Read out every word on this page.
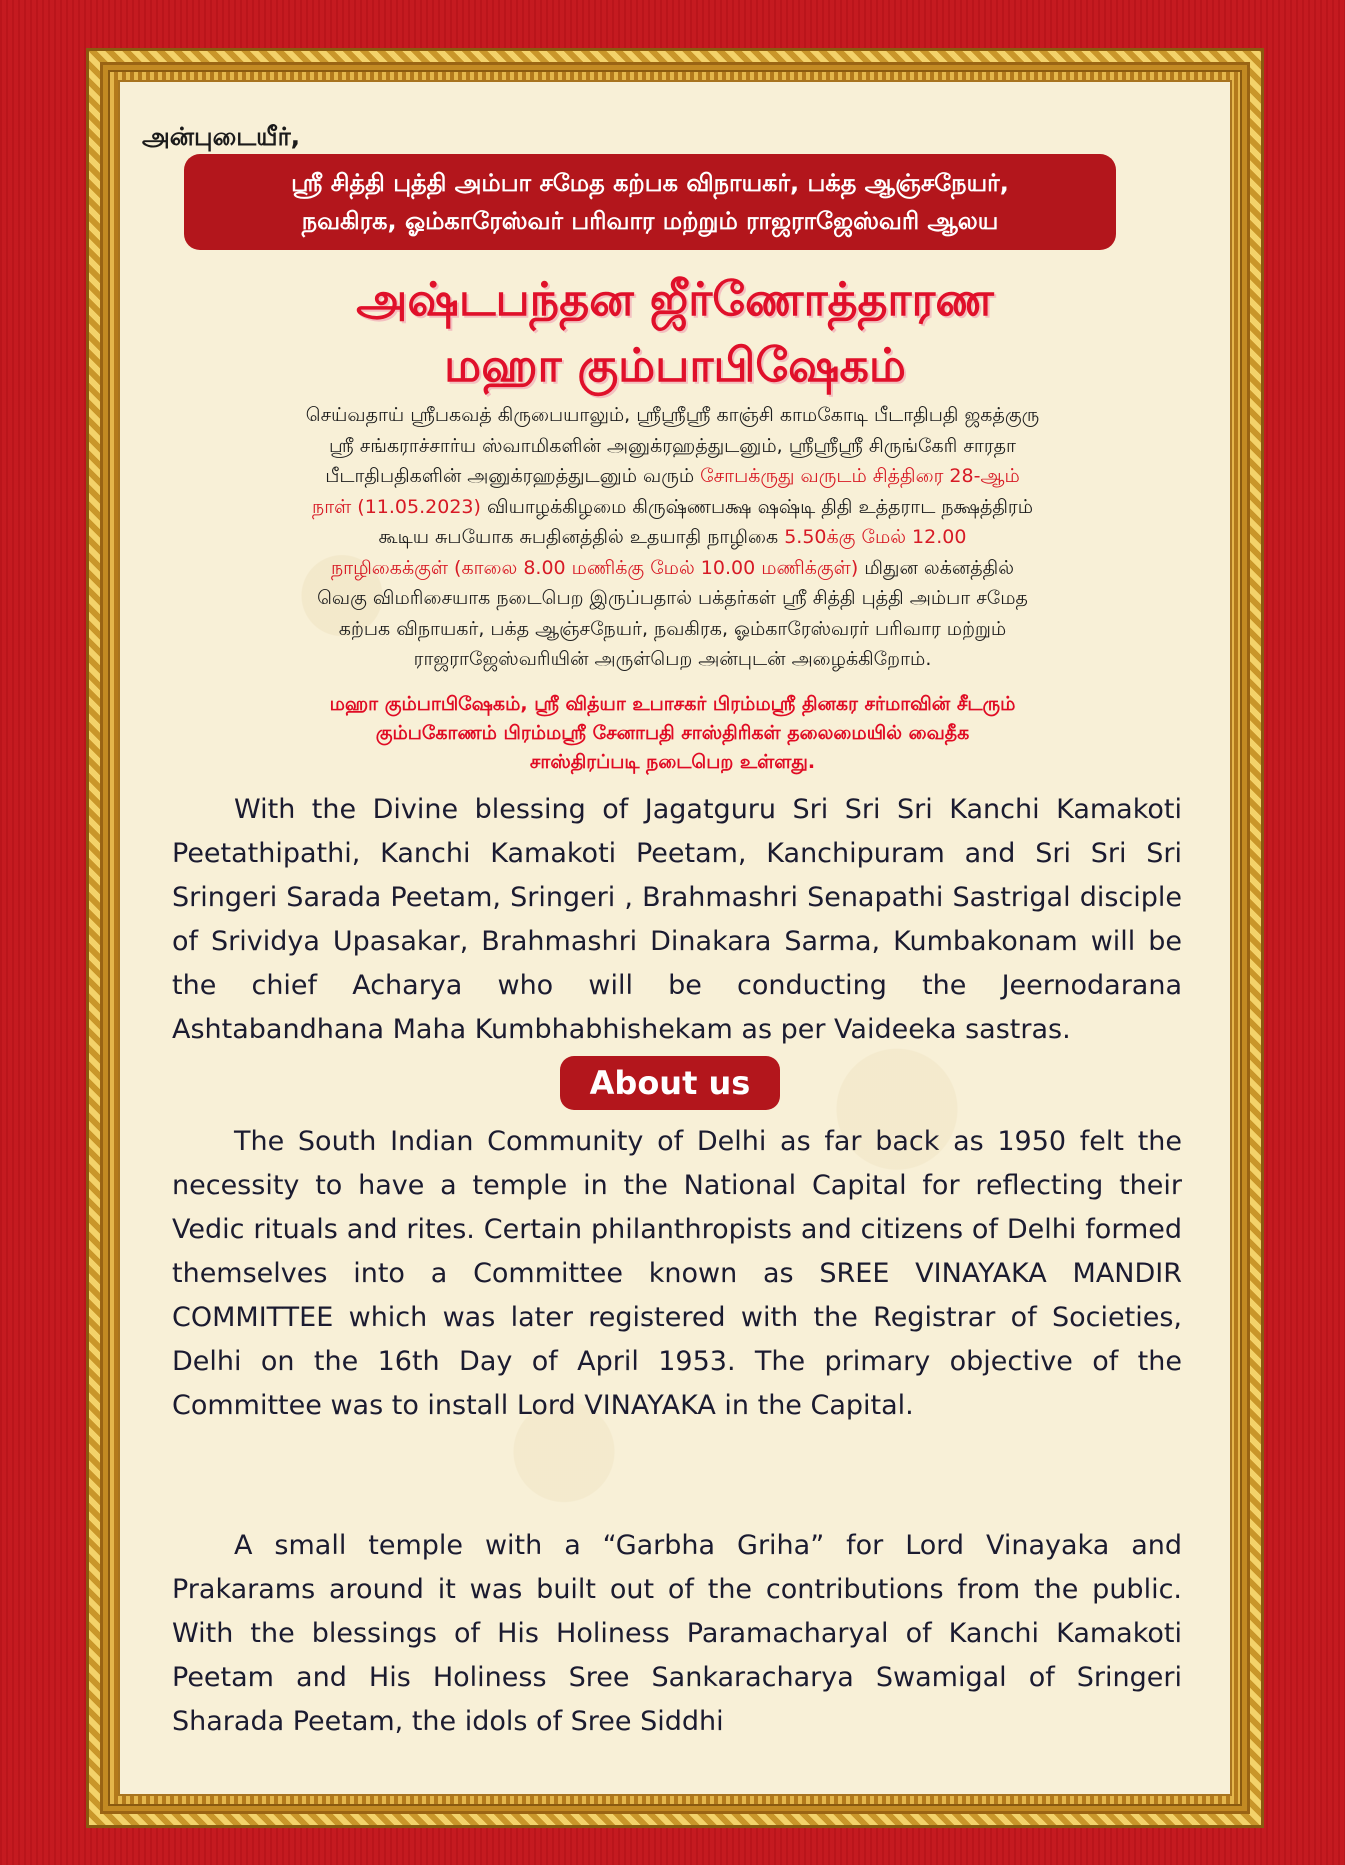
அன்புடையீர்,
ஸ்ரீ சித்தி புத்தி அம்பா சமேத கற்பக விநாயகர், பக்த ஆஞ்சநேயர்,
நவகிரக, ஓம்காரேஸ்வர் பரிவார மற்றும் ராஜராஜேஸ்வரி ஆலய
அஷ்டபந்தன ஜீர்ணோத்தாரண
மஹா கும்பாபிஷேகம்
செய்வதாய் ஸ்ரீபகவத் கிருபையாலும், ஸ்ரீஸ்ரீஸ்ரீ காஞ்சி காமகோடி பீடாதிபதி ஜகத்குரு
ஸ்ரீ சங்கராச்சார்ய ஸ்வாமிகளின் அனுக்ரஹத்துடனும், ஸ்ரீஸ்ரீஸ்ரீ சிருங்கேரி சாரதா
பீடாதிபதிகளின் அனுக்ரஹத்துடனும் வரும் சோபக்ருது வருடம் சித்திரை 28-ஆம்
நாள் (11.05.2023) வியாழக்கிழமை கிருஷ்ணபக்ஷ ஷஷ்டி திதி உத்தராட நக்ஷத்திரம்
கூடிய சுபயோக சுபதினத்தில் உதயாதி நாழிகை 5.50க்கு மேல் 12.00
நாழிகைக்குள் (காலை 8.00 மணிக்கு மேல் 10.00 மணிக்குள்) மிதுன லக்னத்தில்
வெகு விமரிசையாக நடைபெற இருப்பதால் பக்தர்கள் ஸ்ரீ சித்தி புத்தி அம்பா சமேத
கற்பக விநாயகர், பக்த ஆஞ்சநேயர், நவகிரக, ஓம்காரேஸ்வரர் பரிவார மற்றும்
ராஜராஜேஸ்வரியின் அருள்பெற அன்புடன் அழைக்கிறோம்.
மஹா கும்பாபிஷேகம், ஸ்ரீ வித்யா உபாசகர் பிரம்மஸ்ரீ தினகர சர்மாவின் சீடரும்
கும்பகோணம் பிரம்மஸ்ரீ சேனாபதி சாஸ்திரிகள் தலைமையில் வைதீக
சாஸ்திரப்படி நடைபெற உள்ளது.
With the Divine blessing of Jagatguru Sri Sri Sri Kanchi Kamakoti Peetathipathi, Kanchi Kamakoti Peetam, Kanchipuram and Sri Sri Sri Sringeri Sarada Peetam, Sringeri , Brahmashri Senapathi Sastrigal disciple of Srividya Upasakar, Brahmashri Dinakara Sarma, Kumbakonam will be the chief Acharya who will be conducting the Jeernodarana Ashtabandhana Maha Kumbhabhishekam as per Vaideeka sastras.
About us
The South Indian Community of Delhi as far back as 1950 felt the necessity to have a temple in the National Capital for reflecting their Vedic rituals and rites. Certain philanthropists and citizens of Delhi formed themselves into a Committee known as SREE VINAYAKA MANDIR COMMITTEE which was later registered with the Registrar of Societies, Delhi on the 16th Day of April 1953. The primary objective of the Committee was to install Lord VINAYAKA in the Capital.
A small temple with a “Garbha Griha” for Lord Vinayaka and Prakarams around it was built out of the contributions from the public. With the blessings of His Holiness Paramacharyal of Kanchi Kamakoti Peetam and His Holiness Sree Sankaracharya Swamigal of Sringeri Sharada Peetam, the idols of Sree Siddhi
